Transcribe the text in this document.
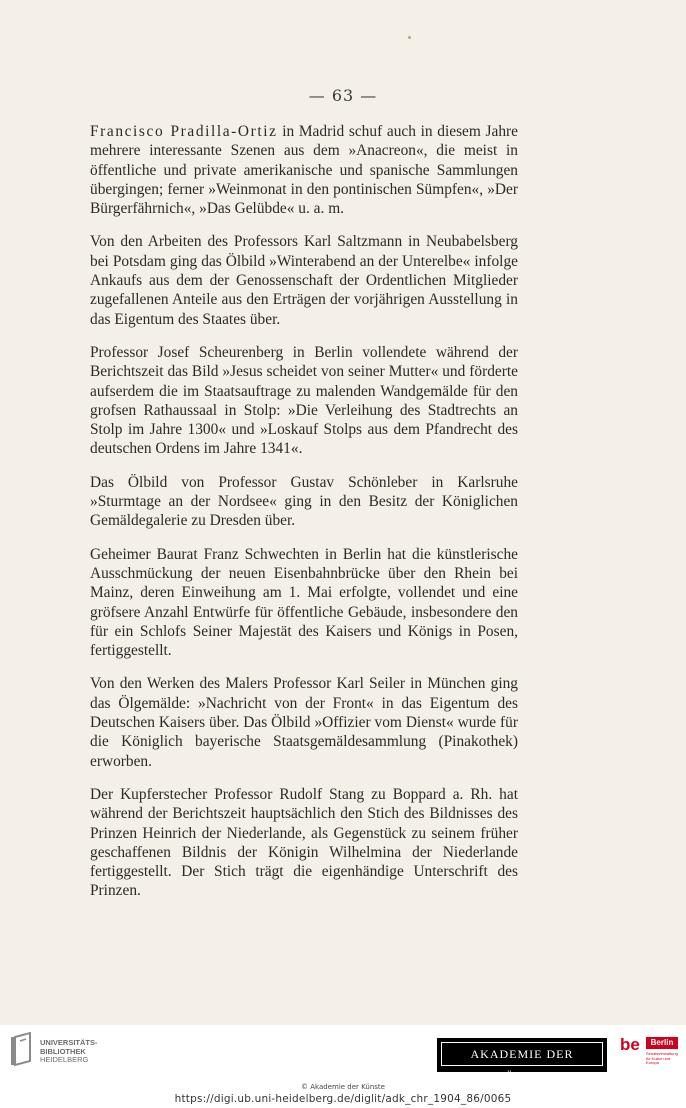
— 63 —

Francisco Pradilla-Ortiz in Madrid schuf auch in diesem Jahre mehrere interessante Szenen aus dem »Anacreon«, die meist in öffentliche und private amerikanische und spanische Sammlungen übergingen; ferner »Weinmonat in den pontinischen Sümpfen«, »Der Bürgerfährnich«, »Das Gelübde« u. a. m.

Von den Arbeiten des Professors Karl Saltzmann in Neubabelsberg bei Potsdam ging das Ölbild »Winterabend an der Unterelbe« infolge Ankaufs aus dem der Genossenschaft der Ordentlichen Mitglieder zugefallenen Anteile aus den Erträgen der vorjährigen Ausstellung in das Eigentum des Staates über.

Professor Josef Scheurenberg in Berlin vollendete während der Berichtszeit das Bild »Jesus scheidet von seiner Mutter« und förderte aufserdem die im Staatsauftrage zu malenden Wandgemälde für den grofsen Rathaussaal in Stolp: »Die Verleihung des Stadtrechts an Stolp im Jahre 1300« und »Loskauf Stolps aus dem Pfandrecht des deutschen Ordens im Jahre 1341«.

Das Ölbild von Professor Gustav Schönleber in Karlsruhe »Sturmtage an der Nordsee« ging in den Besitz der Königlichen Gemäldegalerie zu Dresden über.

Geheimer Baurat Franz Schwechten in Berlin hat die künstlerische Ausschmückung der neuen Eisenbahnbrücke über den Rhein bei Mainz, deren Einweihung am 1. Mai erfolgte, vollendet und eine gröfsere Anzahl Entwürfe für öffentliche Gebäude, insbesondere den für ein Schlofs Seiner Majestät des Kaisers und Königs in Posen, fertiggestellt.

Von den Werken des Malers Professor Karl Seiler in München ging das Ölgemälde: »Nachricht von der Front« in das Eigentum des Deutschen Kaisers über. Das Ölbild »Offizier vom Dienst« wurde für die Königlich bayerische Staatsgemäldesammlung (Pinakothek) erworben.

Der Kupferstecher Professor Rudolf Stang zu Boppard a. Rh. hat während der Berichtszeit hauptsächlich den Stich des Bildnisses des Prinzen Heinrich der Niederlande, als Gegenstück zu seinem früher geschaffenen Bildnis der Königin Wilhelmina der Niederlande fertiggestellt. Der Stich trägt die eigenhändige Unterschrift des Prinzen.

UNIVERSITÄTS-
BIBLIOTHEK
HEIDELBERG	AKADEMIE DER KÜNSTE
be	Berlin
Senatsverwaltung für Kultur und Europa
© Akademie der Künste
https://digi.ub.uni-heidelberg.de/diglit/adk_chr_1904_86/0065
